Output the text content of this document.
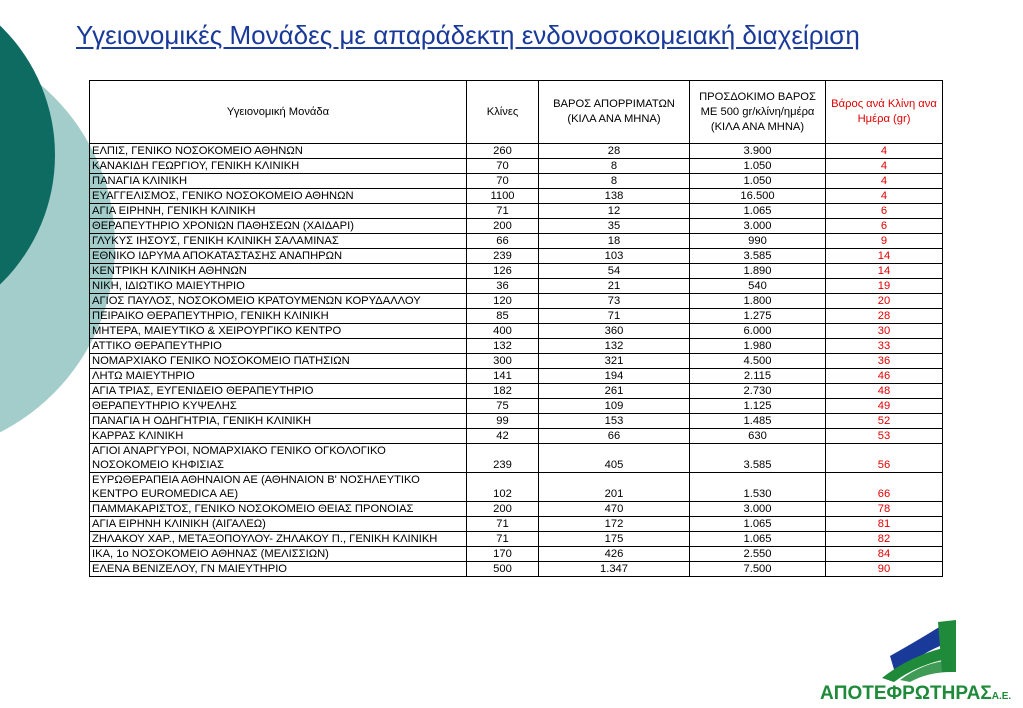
Υγειονομικές Μονάδες με απαράδεκτη ενδονοσοκομειακή διαχείριση
Υγειονομική Μονάδα	Κλίνες	ΒΑΡΟΣ ΑΠΟΡΡΙΜΑΤΩΝ (ΚΙΛΑ ΑΝΑ ΜΗΝΑ)	ΠΡΟΣΔΟΚΙΜΟ ΒΑΡΟΣ ΜΕ 500 gr/κλίνη/ημέρα (ΚΙΛΑ ΑΝΑ ΜΗΝΑ)	Βάρος ανά Κλίνη ανα Ημέρα (gr)
ΕΛΠΙΣ, ΓΕΝΙΚΟ ΝΟΣΟΚΟΜΕΙΟ ΑΘΗΝΩΝ	260	28	3.900	4
ΚΑΝΑΚΙΔΗ ΓΕΩΡΓΙΟΥ, ΓΕΝΙΚΗ ΚΛΙΝΙΚΗ	70	8	1.050	4
ΠΑΝΑΓΙΑ ΚΛΙΝΙΚΗ	70	8	1.050	4
ΕΥΑΓΓΕΛΙΣΜΟΣ, ΓΕΝΙΚΟ ΝΟΣΟΚΟΜΕΙΟ ΑΘΗΝΩΝ	1100	138	16.500	4
ΑΓΙΑ ΕΙΡΗΝΗ, ΓΕΝΙΚΗ ΚΛΙΝΙΚΗ	71	12	1.065	6
ΘΕΡΑΠΕΥΤΗΡΙΟ ΧΡΟΝΙΩΝ ΠΑΘΗΣΕΩΝ (ΧΑΙΔΑΡΙ)	200	35	3.000	6
ΓΛΥΚΥΣ ΙΗΣΟΥΣ, ΓΕΝΙΚΗ ΚΛΙΝΙΚΗ ΣΑΛΑΜΙΝΑΣ	66	18	990	9
ΕΘΝΙΚΟ ΙΔΡΥΜΑ ΑΠΟΚΑΤΑΣΤΑΣΗΣ ΑΝΑΠΗΡΩΝ	239	103	3.585	14
ΚΕΝΤΡΙΚΗ ΚΛΙΝΙΚΗ ΑΘΗΝΩΝ	126	54	1.890	14
ΝΙΚΗ, ΙΔΙΩΤΙΚΟ ΜΑΙΕΥΤΗΡΙΟ	36	21	540	19
ΑΓΙΟΣ ΠΑΥΛΟΣ, ΝΟΣΟΚΟΜΕΙΟ ΚΡΑΤΟΥΜΕΝΩΝ ΚΟΡΥΔΑΛΛΟΥ	120	73	1.800	20
ΠΕΙΡΑΙΚΟ ΘΕΡΑΠΕΥΤΗΡΙΟ, ΓΕΝΙΚΗ ΚΛΙΝΙΚΗ	85	71	1.275	28
ΜΗΤΕΡΑ, ΜΑΙΕΥΤΙΚΟ & ΧΕΙΡΟΥΡΓΙΚΟ ΚΕΝΤΡΟ	400	360	6.000	30
ΑΤΤΙΚΟ ΘΕΡΑΠΕΥΤΗΡΙΟ	132	132	1.980	33
ΝΟΜΑΡΧΙΑΚΟ ΓΕΝΙΚΟ ΝΟΣΟΚΟΜΕΙΟ ΠΑΤΗΣΙΩΝ	300	321	4.500	36
ΛΗΤΩ ΜΑΙΕΥΤΗΡΙΟ	141	194	2.115	46
ΑΓΙΑ ΤΡΙΑΣ, ΕΥΓΕΝΙΔΕΙΟ ΘΕΡΑΠΕΥΤΗΡΙΟ	182	261	2.730	48
ΘΕΡΑΠΕΥΤΗΡΙΟ ΚΥΨΕΛΗΣ	75	109	1.125	49
ΠΑΝΑΓΙΑ Η ΟΔΗΓΗΤΡΙΑ, ΓΕΝΙΚΗ ΚΛΙΝΙΚΗ	99	153	1.485	52
ΚΑΡΡΑΣ ΚΛΙΝΙΚΗ	42	66	630	53
ΑΓΙΟΙ ΑΝΑΡΓΥΡΟΙ, ΝΟΜΑΡΧΙΑΚΟ ΓΕΝΙΚΟ ΟΓΚΟΛΟΓΙΚΟ ΝΟΣΟΚΟΜΕΙΟ ΚΗΦΙΣΙΑΣ	239	405	3.585	56
ΕΥΡΩΘΕΡΑΠΕΙΑ ΑΘΗΝΑΙΟΝ ΑΕ (ΑΘΗΝΑΙΟΝ Β' ΝΟΣΗΛΕΥΤΙΚΟ ΚΕΝΤΡΟ EUROMEDICA ΑΕ)	102	201	1.530	66
ΠΑΜΜΑΚΑΡΙΣΤΟΣ, ΓΕΝΙΚΟ ΝΟΣΟΚΟΜΕΙΟ ΘΕΙΑΣ ΠΡΟΝΟΙΑΣ	200	470	3.000	78
ΑΓΙΑ ΕΙΡΗΝΗ ΚΛΙΝΙΚΗ (ΑΙΓΑΛΕΩ)	71	172	1.065	81
ΖΗΛΑΚΟΥ ΧΑΡ., ΜΕΤΑΞΟΠΟΥΛΟΥ- ΖΗΛΑΚΟΥ Π., ΓΕΝΙΚΗ ΚΛΙΝΙΚΗ	71	175	1.065	82
ΙΚΑ, 1ο ΝΟΣΟΚΟΜΕΙΟ ΑΘΗΝΑΣ (ΜΕΛΙΣΣΙΩΝ)	170	426	2.550	84
ΕΛΕΝΑ ΒΕΝΙΖΕΛΟΥ, ΓΝ ΜΑΙΕΥΤΗΡΙΟ	500	1.347	7.500	90
ΑΠΟΤΕΦΡΩΤΗΡΑΣΑ.Ε.
